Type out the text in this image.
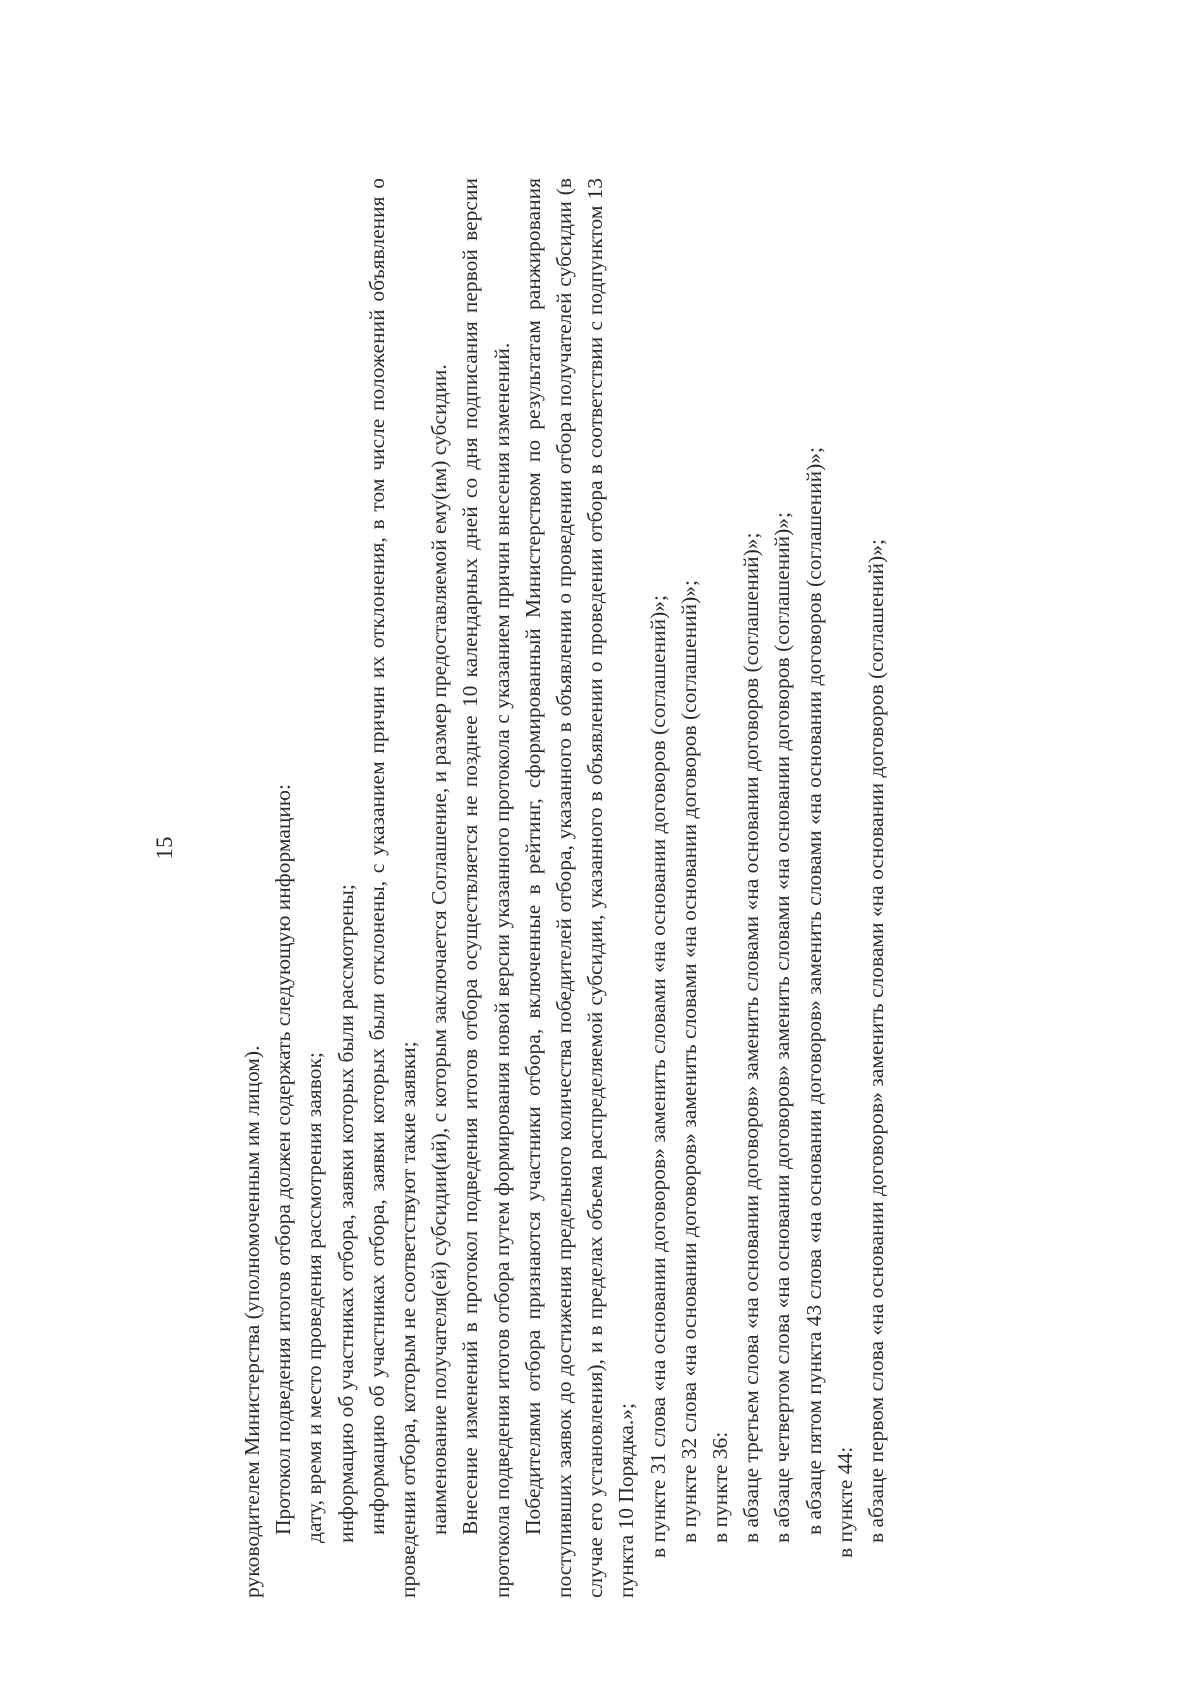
15

руководителем Министерства (уполномоченным им лицом). Протокол подведения итогов отбора должен содержать следующую информацию: дату, время и место проведения рассмотрения заявок; информацию об участниках отбора, заявки которых были рассмотрены; информацию об участниках отбора, заявки которых были отклонены, с указанием причин их отклонения, в том числе положений объявления о проведении отбора, которым не соответствуют такие заявки; наименование получателя(ей) субсидии(ий), с которым заключается Соглашение, и размер предоставляемой ему(им) субсидии. Внесение изменений в протокол подведения итогов отбора осуществляется не позднее 10 календарных дней со дня подписания первой версии протокола подведения итогов отбора путем формирования новой версии указанного протокола с указанием причин внесения изменений. Победителями отбора признаются участники отбора, включенные в рейтинг, сформированный Министерством по результатам ранжирования поступивших заявок до достижения предельного количества победителей отбора, указанного в объявлении о проведении отбора получателей субсидии (в случае его установления), и в пределах объема распределяемой субсидии, указанного в объявлении о проведении отбора в соответствии с подпунктом 13 пункта 10 Порядка.»; в пункте 31 слова «на основании договоров» заменить словами «на основании договоров (соглашений)»; в пункте 32 слова «на основании договоров» заменить словами «на основании договоров (соглашений)»; в пункте 36: в абзаце третьем слова «на основании договоров» заменить словами «на основании договоров (соглашений)»; в абзаце четвертом слова «на основании договоров» заменить словами «на основании договоров (соглашений)»; в абзаце пятом пункта 43 слова «на основании договоров» заменить словами «на основании договоров (соглашений)»; в пункте 44: в абзаце первом слова «на основании договоров» заменить словами «на основании договоров (соглашений)»;
